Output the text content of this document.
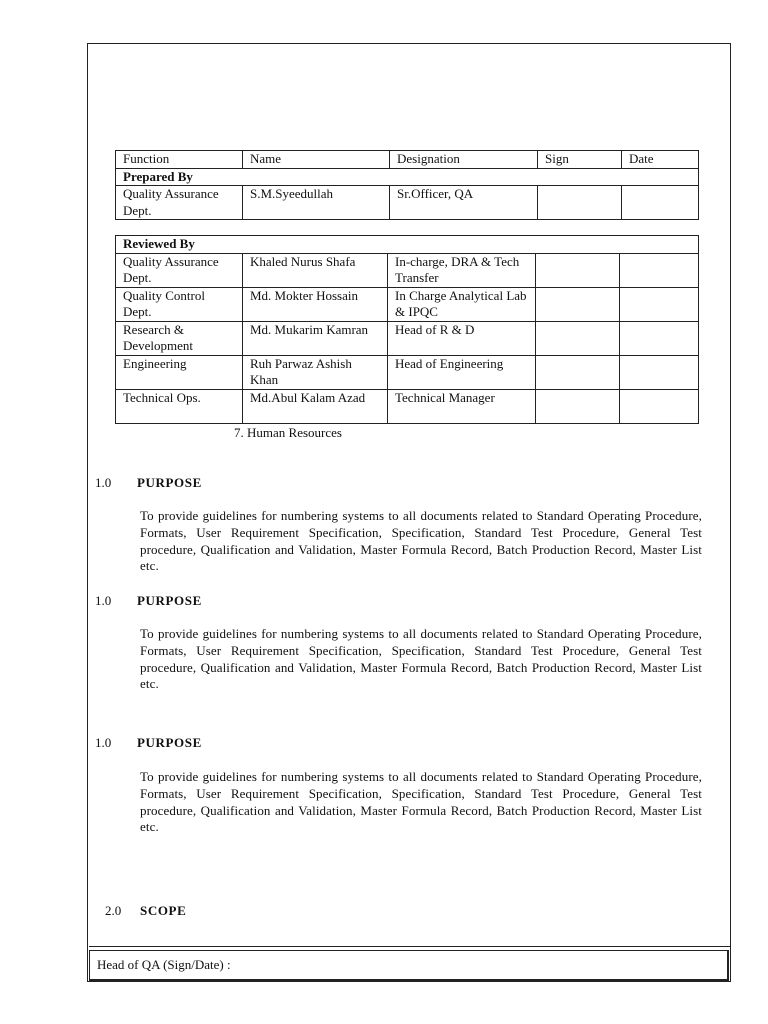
Function	Name	Designation	Sign	Date
Prepared By				
Quality Assurance Dept.	S.M.Syeedullah	Sr.Officer, QA		
Reviewed By				
Quality Assurance Dept.	Khaled Nurus Shafa	In-charge, DRA & Tech Transfer		
Quality Control Dept.	Md. Mokter Hossain	In Charge Analytical Lab & IPQC		
Research & Development	Md. Mukarim Kamran	Head of R & D		
Engineering	Ruh Parwaz Ashish Khan	Head of Engineering		
Technical Ops.	Md.Abul Kalam Azad	Technical Manager		
7. Human Resources
1.0 PURPOSE
To provide guidelines for numbering systems to all documents related to Standard Operating Procedure, Formats, User Requirement Specification, Specification, Standard Test Procedure, General Test procedure, Qualification and Validation, Master Formula Record, Batch Production Record, Master List etc.
1.0 PURPOSE
To provide guidelines for numbering systems to all documents related to Standard Operating Procedure, Formats, User Requirement Specification, Specification, Standard Test Procedure, General Test procedure, Qualification and Validation, Master Formula Record, Batch Production Record, Master List etc.
1.0 PURPOSE
To provide guidelines for numbering systems to all documents related to Standard Operating Procedure, Formats, User Requirement Specification, Specification, Standard Test Procedure, General Test procedure, Qualification and Validation, Master Formula Record, Batch Production Record, Master List etc.
2.0 SCOPE
Head of QA (Sign/Date) :
